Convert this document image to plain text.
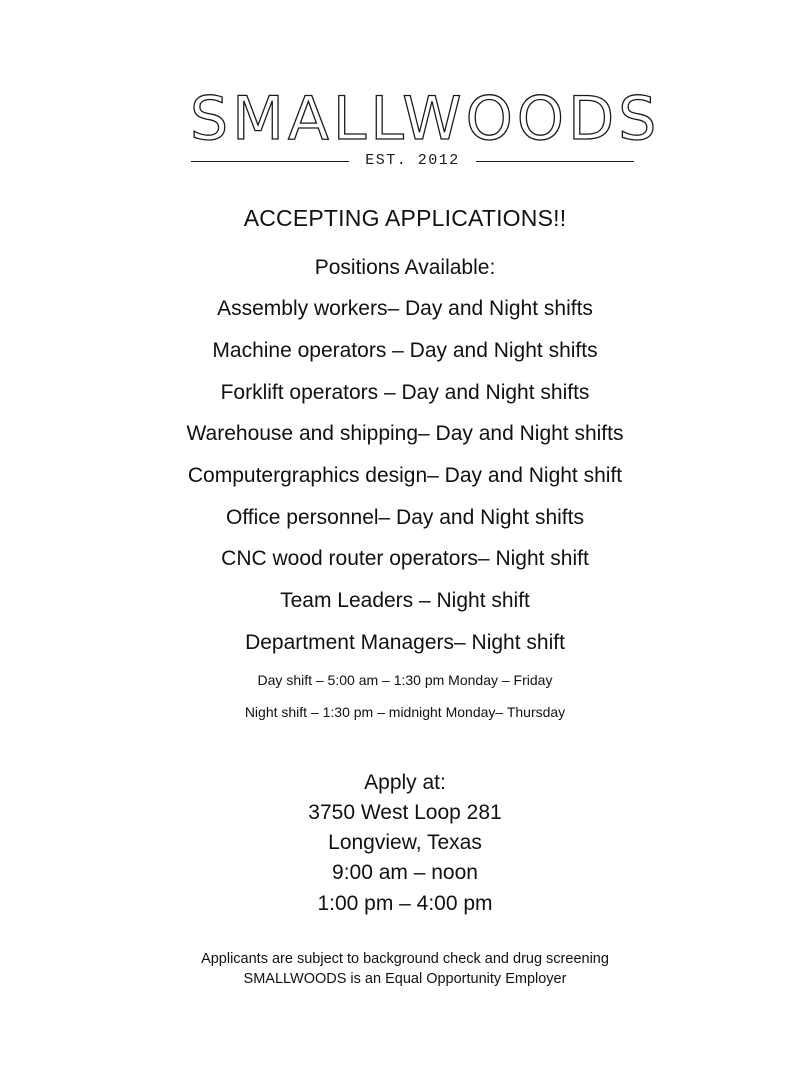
SMALLWOODS
EST. 2012
ACCEPTING APPLICATIONS!!
Positions Available:
Assembly workers– Day and Night shifts
Machine operators – Day and Night shifts
Forklift operators – Day and Night shifts
Warehouse and shipping– Day and Night shifts
Computergraphics design– Day and Night shift
Office personnel– Day and Night shifts
CNC wood router operators– Night shift
Team Leaders – Night shift
Department Managers– Night shift
Day shift – 5:00 am – 1:30 pm Monday – Friday
Night shift – 1:30 pm – midnight Monday– Thursday
Apply at:
3750 West Loop 281
Longview, Texas
9:00 am – noon
1:00 pm – 4:00 pm
Applicants are subject to background check and drug screening
SMALLWOODS is an Equal Opportunity Employer
